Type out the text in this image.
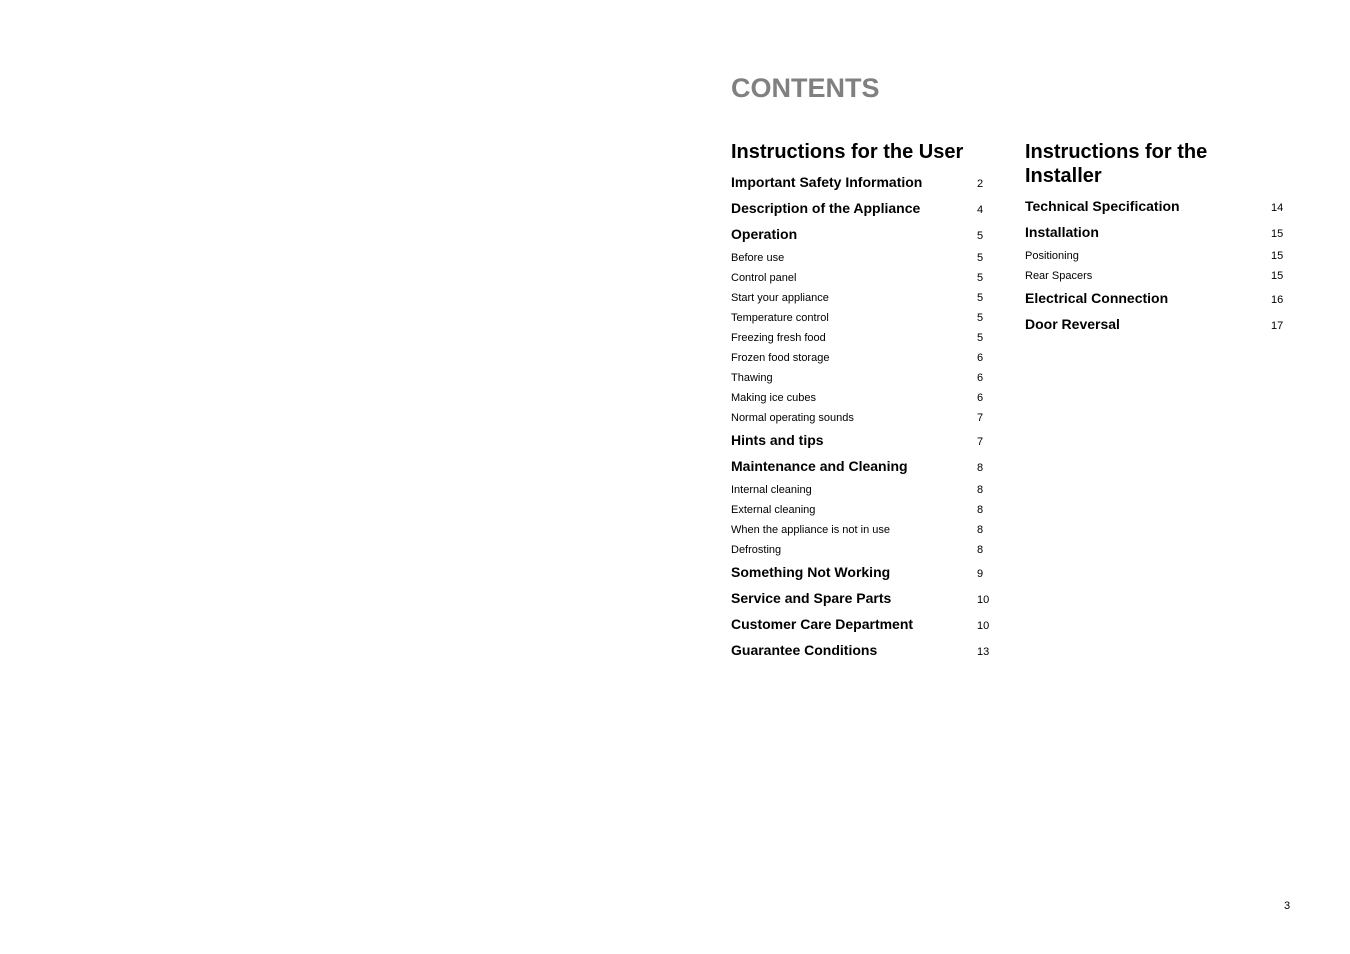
CONTENTS
Instructions for the User
Important Safety Information	2
Description of the Appliance	4
Operation	5
Before use	5
Control panel	5
Start your appliance	5
Temperature control	5
Freezing fresh food	5
Frozen food storage	6
Thawing	6
Making ice cubes	6
Normal operating sounds	7
Hints and tips	7
Maintenance and Cleaning	8
Internal cleaning	8
External cleaning	8
When the appliance is not in use	8
Defrosting	8
Something Not Working	9
Service and Spare Parts	10
Customer Care Department	10
Guarantee Conditions	13
Instructions for the Installer
Technical Specification	14
Installation	15
Positioning	15
Rear Spacers	15
Electrical Connection	16
Door Reversal	17
3
